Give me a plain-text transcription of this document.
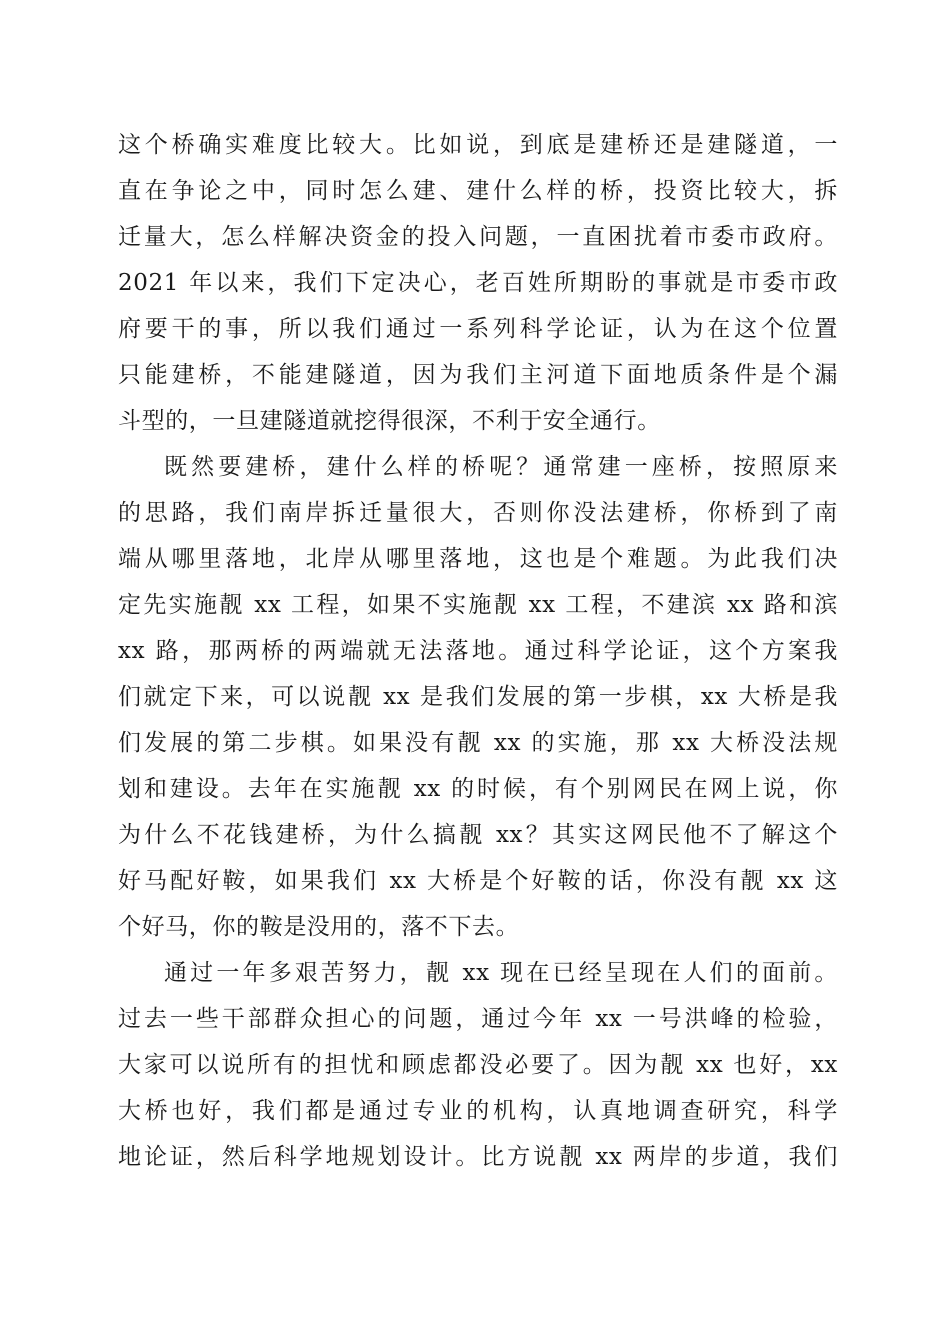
这个桥确实难度比较大。比如说，到底是建桥还是建隧道，一
直在争论之中，同时怎么建、建什么样的桥，投资比较大，拆
迁量大，怎么样解决资金的投入问题，一直困扰着市委市政府。
2021 年以来，我们下定决心，老百姓所期盼的事就是市委市政
府要干的事，所以我们通过一系列科学论证，认为在这个位置
只能建桥，不能建隧道，因为我们主河道下面地质条件是个漏
斗型的，一旦建隧道就挖得很深，不利于安全通行。
既然要建桥，建什么样的桥呢？通常建一座桥，按照原来
的思路，我们南岸拆迁量很大，否则你没法建桥，你桥到了南
端从哪里落地，北岸从哪里落地，这也是个难题。为此我们决
定先实施靓 xx 工程，如果不实施靓 xx 工程，不建滨 xx 路和滨
xx 路，那两桥的两端就无法落地。通过科学论证，这个方案我
们就定下来，可以说靓 xx 是我们发展的第一步棋，xx 大桥是我
们发展的第二步棋。如果没有靓 xx 的实施，那 xx 大桥没法规
划和建设。去年在实施靓 xx 的时候，有个别网民在网上说，你
为什么不花钱建桥，为什么搞靓 xx？其实这网民他不了解这个
好马配好鞍，如果我们 xx 大桥是个好鞍的话，你没有靓 xx 这
个好马，你的鞍是没用的，落不下去。
通过一年多艰苦努力，靓 xx 现在已经呈现在人们的面前。
过去一些干部群众担心的问题，通过今年 xx 一号洪峰的检验，
大家可以说所有的担忧和顾虑都没必要了。因为靓 xx 也好，xx
大桥也好，我们都是通过专业的机构，认真地调查研究，科学
地论证，然后科学地规划设计。比方说靓 xx 两岸的步道，我们
